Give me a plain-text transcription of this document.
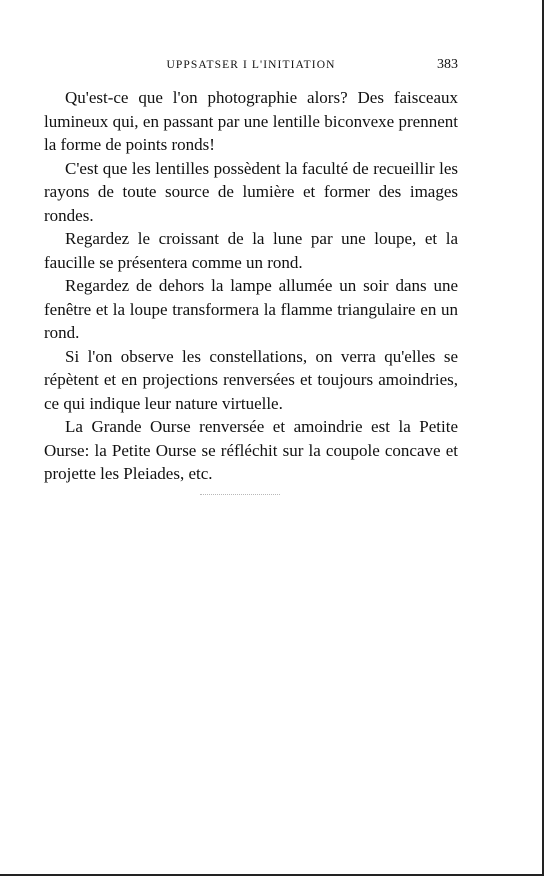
UPPSATSER I L'INITIATION	383

Qu'est-ce que l'on photographie alors? Des faisceaux lumineux qui, en passant par une lentille biconvexe prennent la forme de points ronds!

C'est que les lentilles possèdent la faculté de recueillir les rayons de toute source de lumière et former des images rondes.

Regardez le croissant de la lune par une loupe, et la faucille se présentera comme un rond.

Regardez de dehors la lampe allumée un soir dans une fenêtre et la loupe transformera la flamme triangulaire en un rond.

Si l'on observe les constellations, on verra qu'elles se répètent et en projections renversées et toujours amoindries, ce qui indique leur nature virtuelle.

La Grande Ourse renversée et amoindrie est la Petite Ourse: la Petite Ourse se réfléchit sur la coupole concave et projette les Pleiades, etc.
